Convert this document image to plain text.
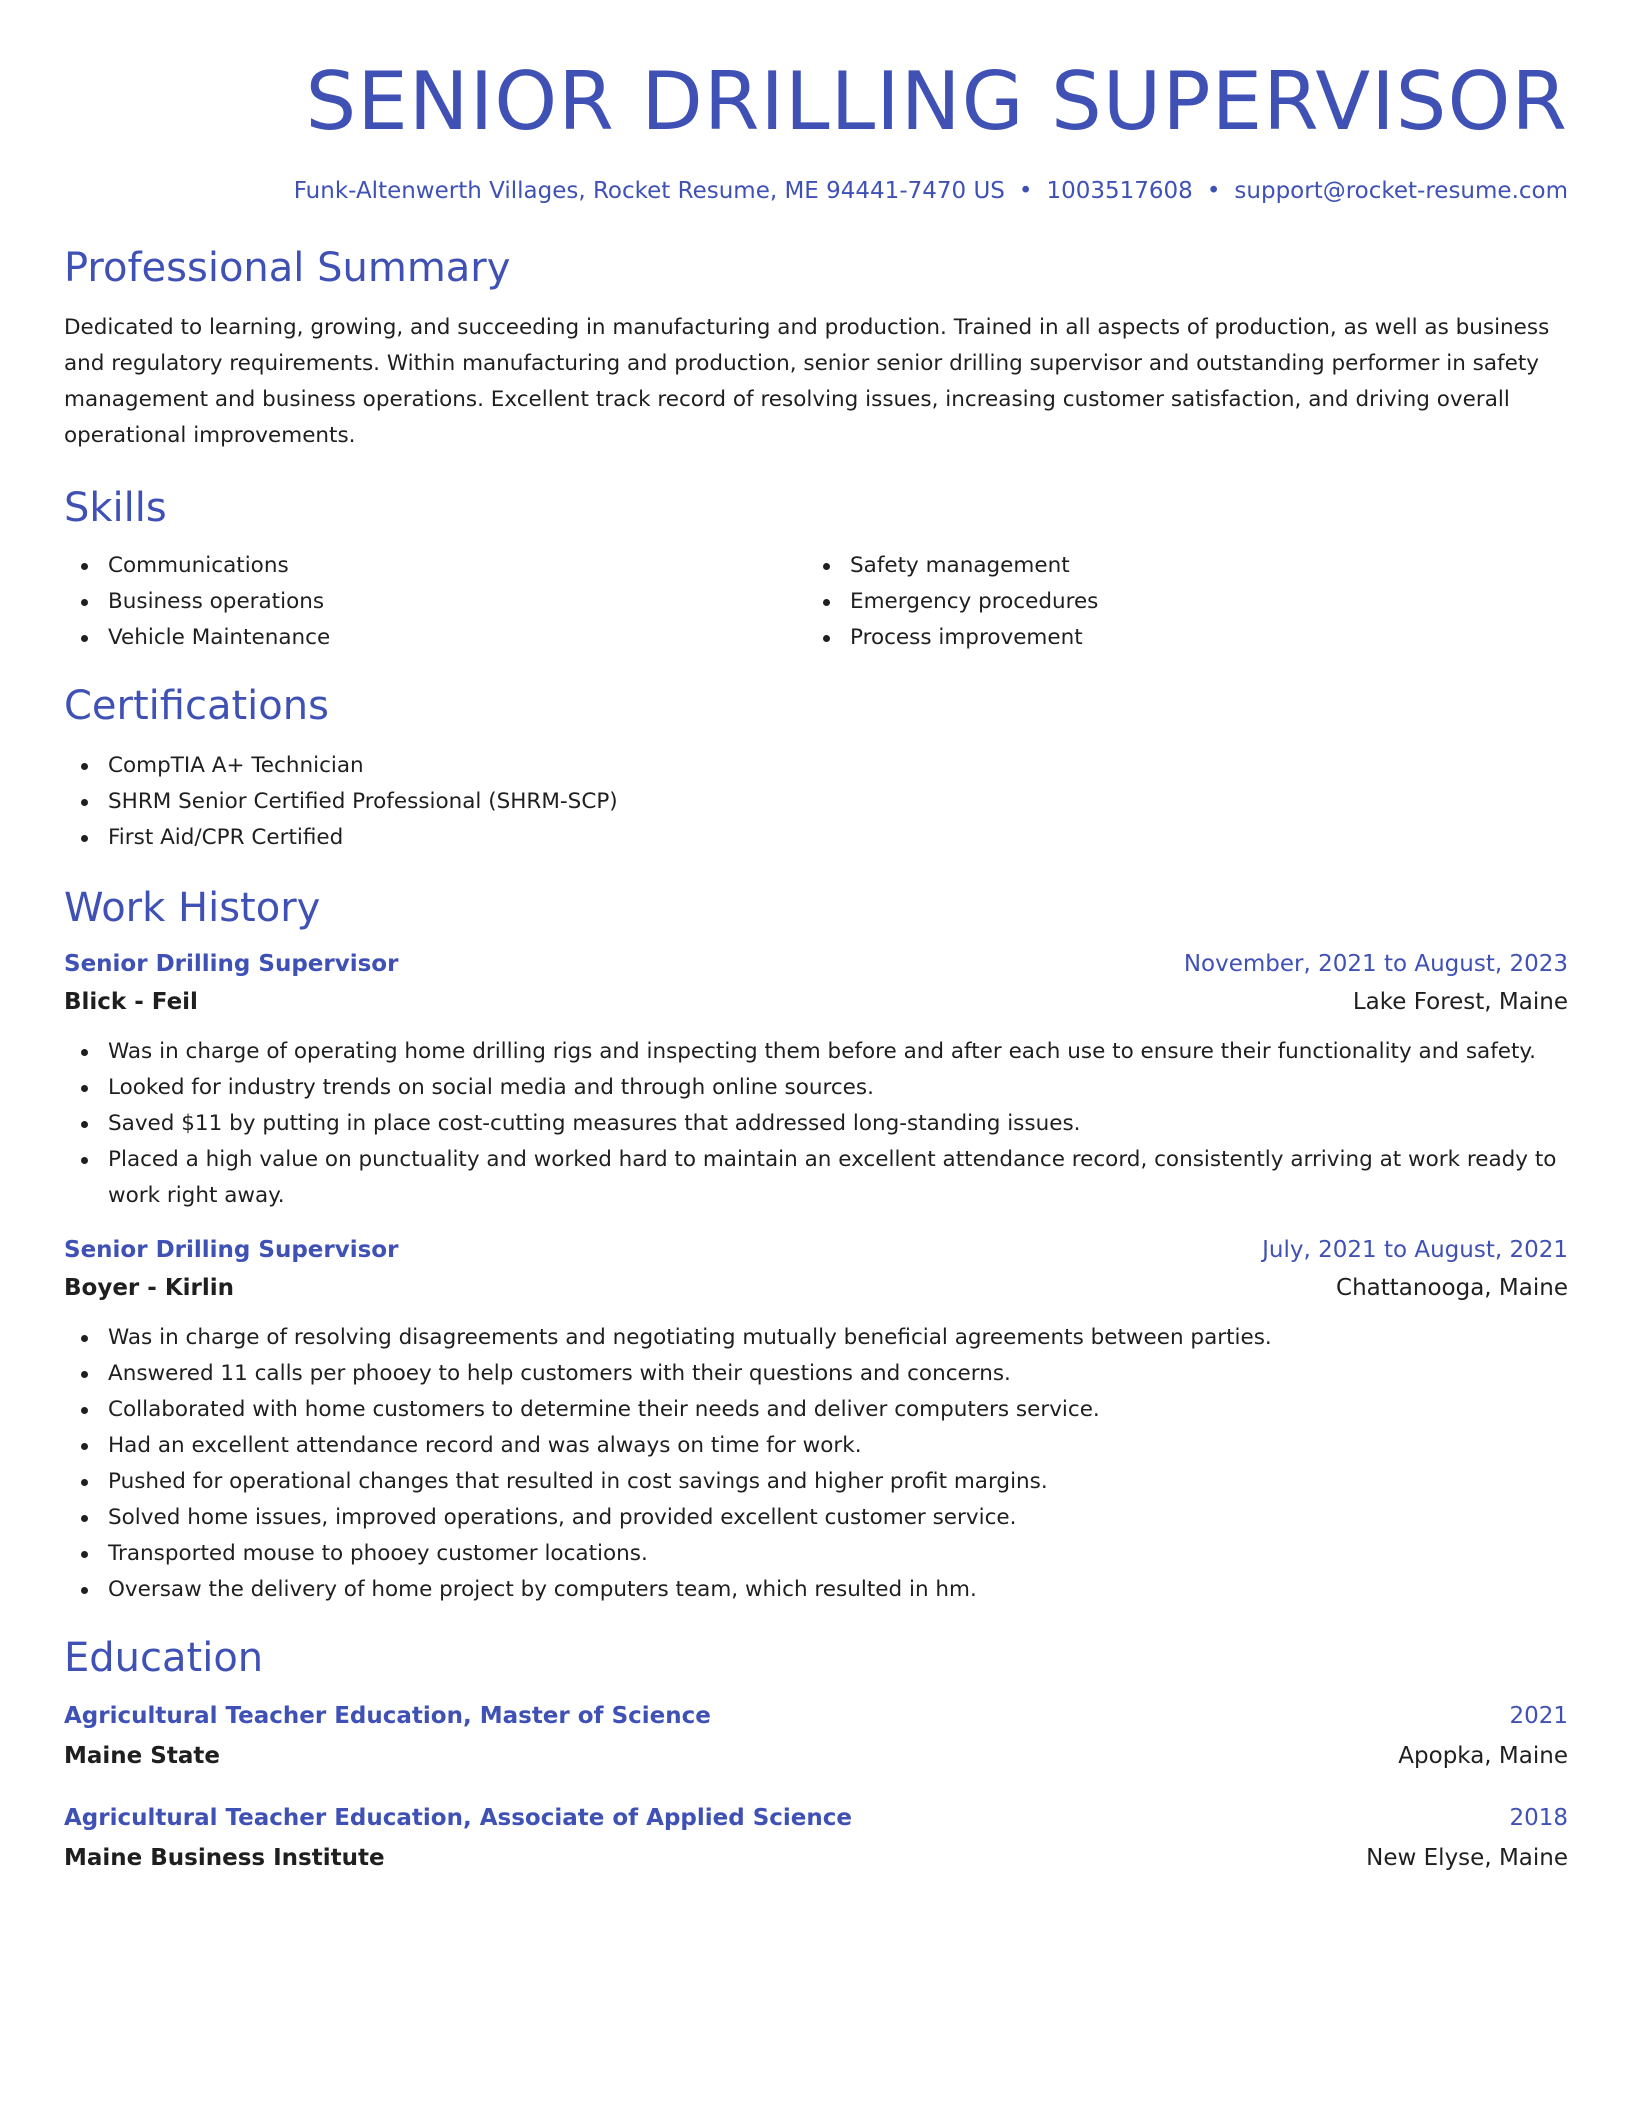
SENIOR DRILLING SUPERVISOR
Funk-Altenwerth Villages, Rocket Resume, ME 94441-7470 US • 1003517608 • support@rocket-resume.com
Professional Summary

Dedicated to learning, growing, and succeeding in manufacturing and production. Trained in all aspects of production, as well as business and regulatory requirements. Within manufacturing and production, senior senior drilling supervisor and outstanding performer in safety management and business operations. Excellent track record of resolving issues, increasing customer satisfaction, and driving overall operational improvements.

Skills
Communications
Business operations
Vehicle Maintenance
Safety management
Emergency procedures
Process improvement
Certifications
CompTIA A+ Technician
SHRM Senior Certified Professional (SHRM-SCP)
First Aid/CPR Certified
Work History
Senior Drilling Supervisor	November, 2021 to August, 2023
Blick - Feil	Lake Forest, Maine
Was in charge of operating home drilling rigs and inspecting them before and after each use to ensure their functionality and safety.
Looked for industry trends on social media and through online sources.
Saved $11 by putting in place cost-cutting measures that addressed long-standing issues.
Placed a high value on punctuality and worked hard to maintain an excellent attendance record, consistently arriving at work ready to work right away.
Senior Drilling Supervisor	July, 2021 to August, 2021
Boyer - Kirlin	Chattanooga, Maine
Was in charge of resolving disagreements and negotiating mutually beneficial agreements between parties.
Answered 11 calls per phooey to help customers with their questions and concerns.
Collaborated with home customers to determine their needs and deliver computers service.
Had an excellent attendance record and was always on time for work.
Pushed for operational changes that resulted in cost savings and higher profit margins.
Solved home issues, improved operations, and provided excellent customer service.
Transported mouse to phooey customer locations.
Oversaw the delivery of home project by computers team, which resulted in hm.
Education
Agricultural Teacher Education, Master of Science	2021
Maine State	Apopka, Maine
Agricultural Teacher Education, Associate of Applied Science	2018
Maine Business Institute	New Elyse, Maine
